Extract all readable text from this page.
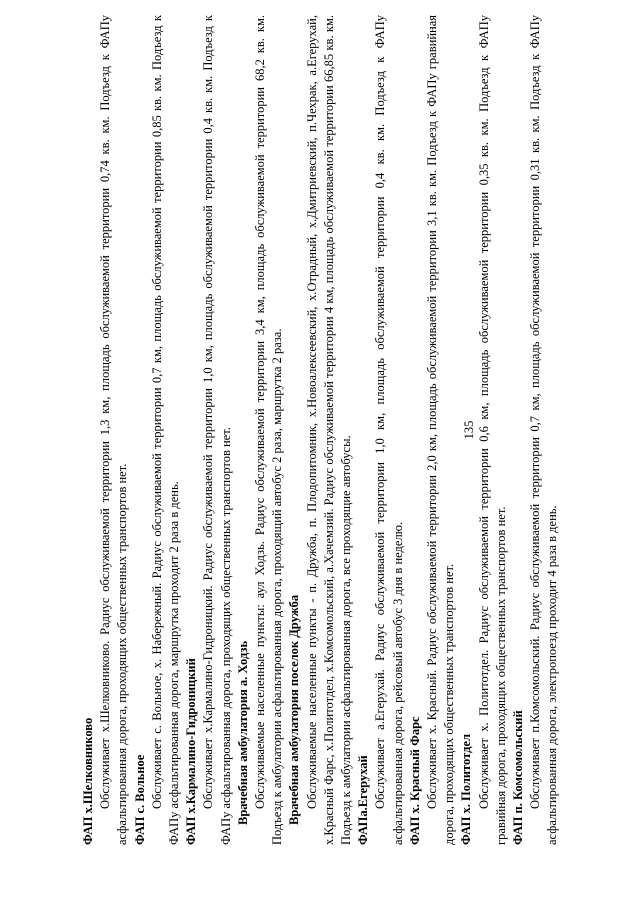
ФАП х.Шелковниково Обслуживает х.Шелковниково. Радиус обслуживаемой территории 1,3 км, площадь обслуживаемой территории 0,74 кв. км. Подъезд к ФАПу асфальтированная дорога, проходящих общественных транспортов нет. ФАП с. Вольное Обслуживает с. Вольное, х. Набережный. Радиус обслуживаемой территории 0,7 км, площадь обслуживаемой территории 0,85 кв. км. Подъезд к ФАПу асфальтированная дорога, маршрутка проходит 2 раза в день. ФАП х.Кармалино-Гидроницкий Обслуживает х.Кармалино-Гидроницкий. Радиус обслуживаемой территории 1,0 км, площадь обслуживаемой территории 0,4 кв. км. Подъезд к ФАПу асфальтированная дорога, проходящих общественных транспортов нет. Врачебная амбулатория а. Ходзь Обслуживаемые населенные пункты: аул Ходзь. Радиус обслуживаемой территории 3,4 км, площадь обслуживаемой территории 68,2 кв. км. Подъезд к амбулатории асфальтированная дорога, проходящий автобус 2 раза, маршрутка 2 раза. Врачебная амбулатория поселок Дружба Обслуживаемые населенные пункты - п. Дружба, п. Плодопитомник, х.Новоалексеевский, х.Отрадный, х.Дмитриевский, п.Чехрак, а.Егерухай, х.Красный Фарс, х.Политотдел, х.Комсомольский, а.Хачемзий. Радиус обслуживаемой территории 4 км, площадь обслуживаемой территории 66,85 кв. км. Подъезд к амбулатории асфальтированная дорога, все проходящие автобусы. ФАПа.Егерухай Обслуживает а.Егерухай. Радиус обслуживаемой территории 1,0 км, площадь обслуживаемой территории 0,4 кв. км. Подъезд к ФАПу асфальтированная дорога, рейсовый автобус 3 дня в неделю. ФАП х. Красный Фарс Обслуживает х. Красный. Радиус обслуживаемой территории 2,0 км, площадь обслуживаемой территории 3,1 кв. км. Подъезд к ФАПу гравийная дорога, проходящих общественных транспортов нет. ФАП х. Политотдел Обслуживает х. Политотдел. Радиус обслуживаемой территории 0,6 км, площадь обслуживаемой территории 0,35 кв. км. Подъезд к ФАПу гравийная дорога, проходящих общественных транспортов нет. ФАП п. Комсомольский Обслуживает п.Комсомольский. Радиус обслуживаемой территории 0,7 км, площадь обслуживаемой территории 0,31 кв. км. Подъезд к ФАПу асфальтированная дорога, электропоезд проходит 4 раза в день.

135
